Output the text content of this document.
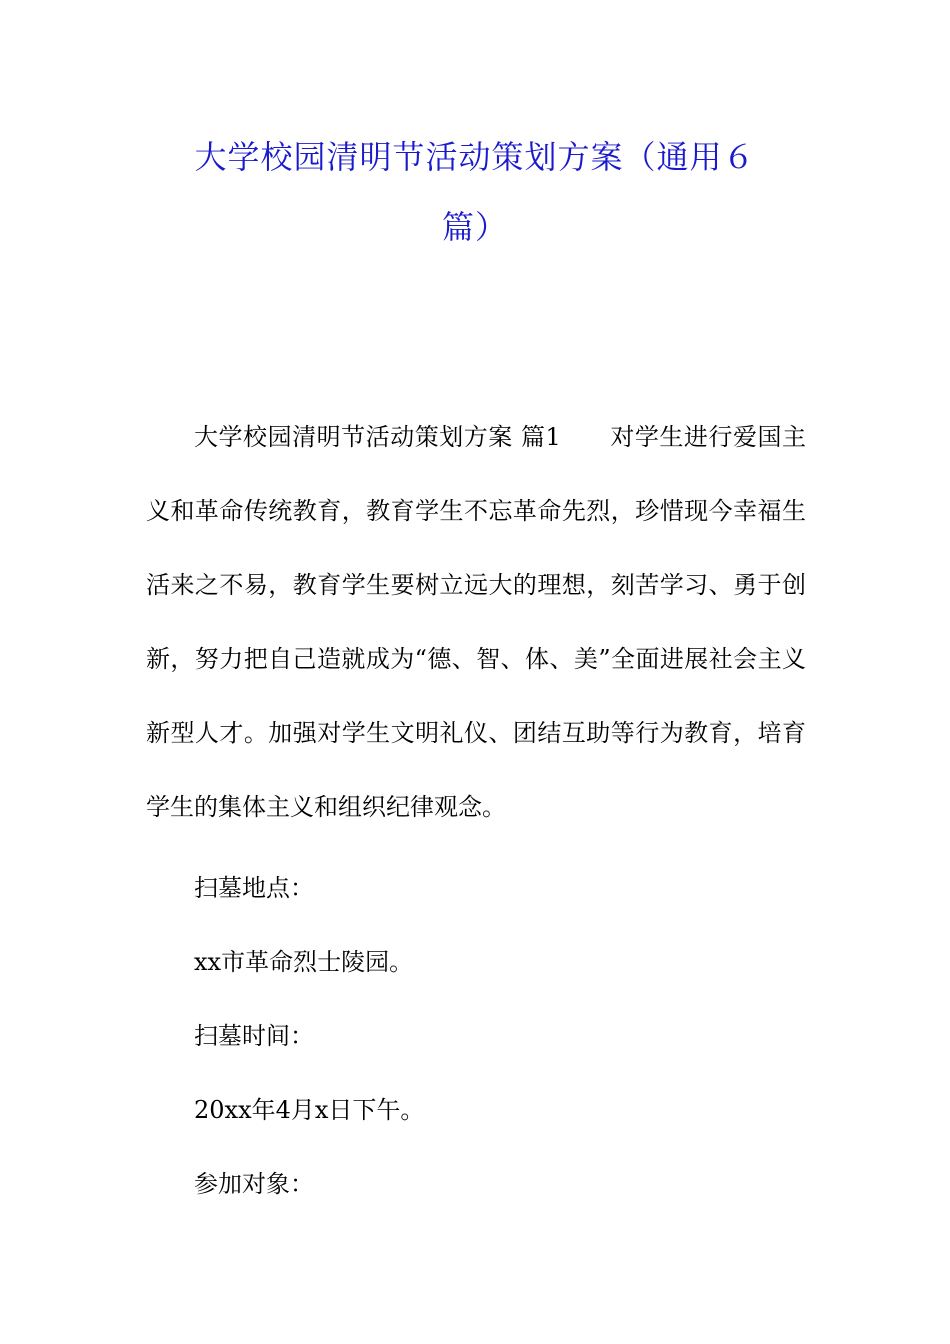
大学校园清明节活动策划方案（通用６
篇）

大学校园清明节活动策划方案 篇1　　对学生进行爱国主义和革命传统教育，教育学生不忘革命先烈，珍惜现今幸福生活来之不易，教育学生要树立远大的理想，刻苦学习、勇于创新，努力把自己造就成为“德、智、体、美”全面进展社会主义新型人才。加强对学生文明礼仪、团结互助等行为教育，培育学生的集体主义和组织纪律观念。

扫墓地点：

xx市革命烈士陵园。

扫墓时间：

20xx年4月x日下午。

参加对象：
